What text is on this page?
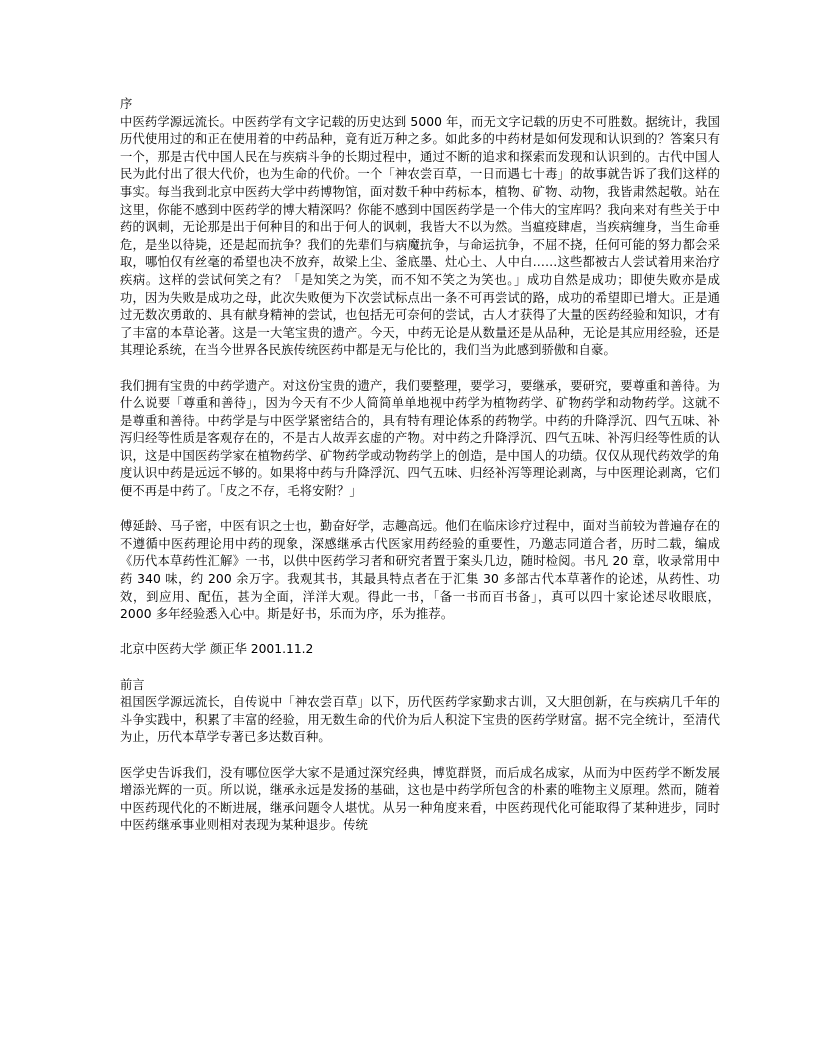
序

中医药学源远流长。中医药学有文字记载的历史达到 5000 年，而无文字记载的历史不可胜数。据统计，我国历代使用过的和正在使用着的中药品种，竟有近万种之多。如此多的中药材是如何发现和认识到的？答案只有一个，那是古代中国人民在与疾病斗争的长期过程中，通过不断的追求和探索而发现和认识到的。古代中国人民为此付出了很大代价，也为生命的代价。一个「神农尝百草，一日而遇七十毒」的故事就告诉了我们这样的事实。每当我到北京中医药大学中药博物馆，面对数千种中药标本，植物、矿物、动物，我皆肃然起敬。站在这里，你能不感到中医药学的博大精深吗？你能不感到中国医药学是一个伟大的宝库吗？我向来对有些关于中药的讽刺，无论那是出于何种目的和出于何人的讽刺，我皆大不以为然。当瘟疫肆虐，当疾病缠身，当生命垂危，是坐以待毙，还是起而抗争？我们的先辈们与病魔抗争，与命运抗争，不屈不挠，任何可能的努力都会采取，哪怕仅有丝毫的希望也决不放弃，故梁上尘、釜底墨、灶心土、人中白……这些都被古人尝试着用来治疗疾病。这样的尝试何笑之有？「是知笑之为笑，而不知不笑之为笑也。」成功自然是成功；即使失败亦是成功，因为失败是成功之母，此次失败便为下次尝试标点出一条不可再尝试的路，成功的希望即已增大。正是通过无数次勇敢的、具有献身精神的尝试，也包括无可奈何的尝试，古人才获得了大量的医药经验和知识，才有了丰富的本草论著。这是一大笔宝贵的遗产。今天，中药无论是从数量还是从品种，无论是其应用经验，还是其理论系统，在当今世界各民族传统医药中都是无与伦比的，我们当为此感到骄傲和自豪。

我们拥有宝贵的中药学遗产。对这份宝贵的遗产，我们要整理，要学习，要继承，要研究，要尊重和善待。为什么说要「尊重和善待」，因为今天有不少人简简单单地视中药学为植物药学、矿物药学和动物药学。这就不是尊重和善待。中药学是与中医学紧密结合的，具有特有理论体系的药物学。中药的升降浮沉、四气五味、补泻归经等性质是客观存在的，不是古人故弄玄虚的产物。对中药之升降浮沉、四气五味、补泻归经等性质的认识，这是中国医药学家在植物药学、矿物药学或动物药学上的创造，是中国人的功绩。仅仅从现代药效学的角度认识中药是远远不够的。如果将中药与升降浮沉、四气五味、归经补泻等理论剥离，与中医理论剥离，它们便不再是中药了。「皮之不存，毛将安附？」

傅延龄、马子密，中医有识之士也，勤奋好学，志趣高远。他们在临床诊疗过程中，面对当前较为普遍存在的不遵循中医药理论用中药的现象，深感继承古代医家用药经验的重要性，乃邀志同道合者，历时二载，编成《历代本草药性汇解》一书，以供中医药学习者和研究者置于案头几边，随时检阅。书凡 20 章，收录常用中药 340 味，约 200 余万字。我观其书，其最具特点者在于汇集 30 多部古代本草著作的论述，从药性、功效，到应用、配伍，甚为全面，洋洋大观。得此一书，「备一书而百书备」，真可以四十家论述尽收眼底，2000 多年经验悉入心中。斯是好书，乐而为序，乐为推荐。

北京中医药大学 颜正华 2001.11.2

前言

祖国医学源远流长，自传说中「神农尝百草」以下，历代医药学家勤求古训，又大胆创新，在与疾病几千年的斗争实践中，积累了丰富的经验，用无数生命的代价为后人积淀下宝贵的医药学财富。据不完全统计，至清代为止，历代本草学专著已多达数百种。

医学史告诉我们，没有哪位医学大家不是通过深究经典，博览群贤，而后成名成家，从而为中医药学不断发展增添光辉的一页。所以说，继承永远是发扬的基础，这也是中药学所包含的朴素的唯物主义原理。然而，随着中医药现代化的不断进展，继承问题令人堪忧。从另一种角度来看，中医药现代化可能取得了某种进步，同时中医药继承事业则相对表现为某种退步。传统
